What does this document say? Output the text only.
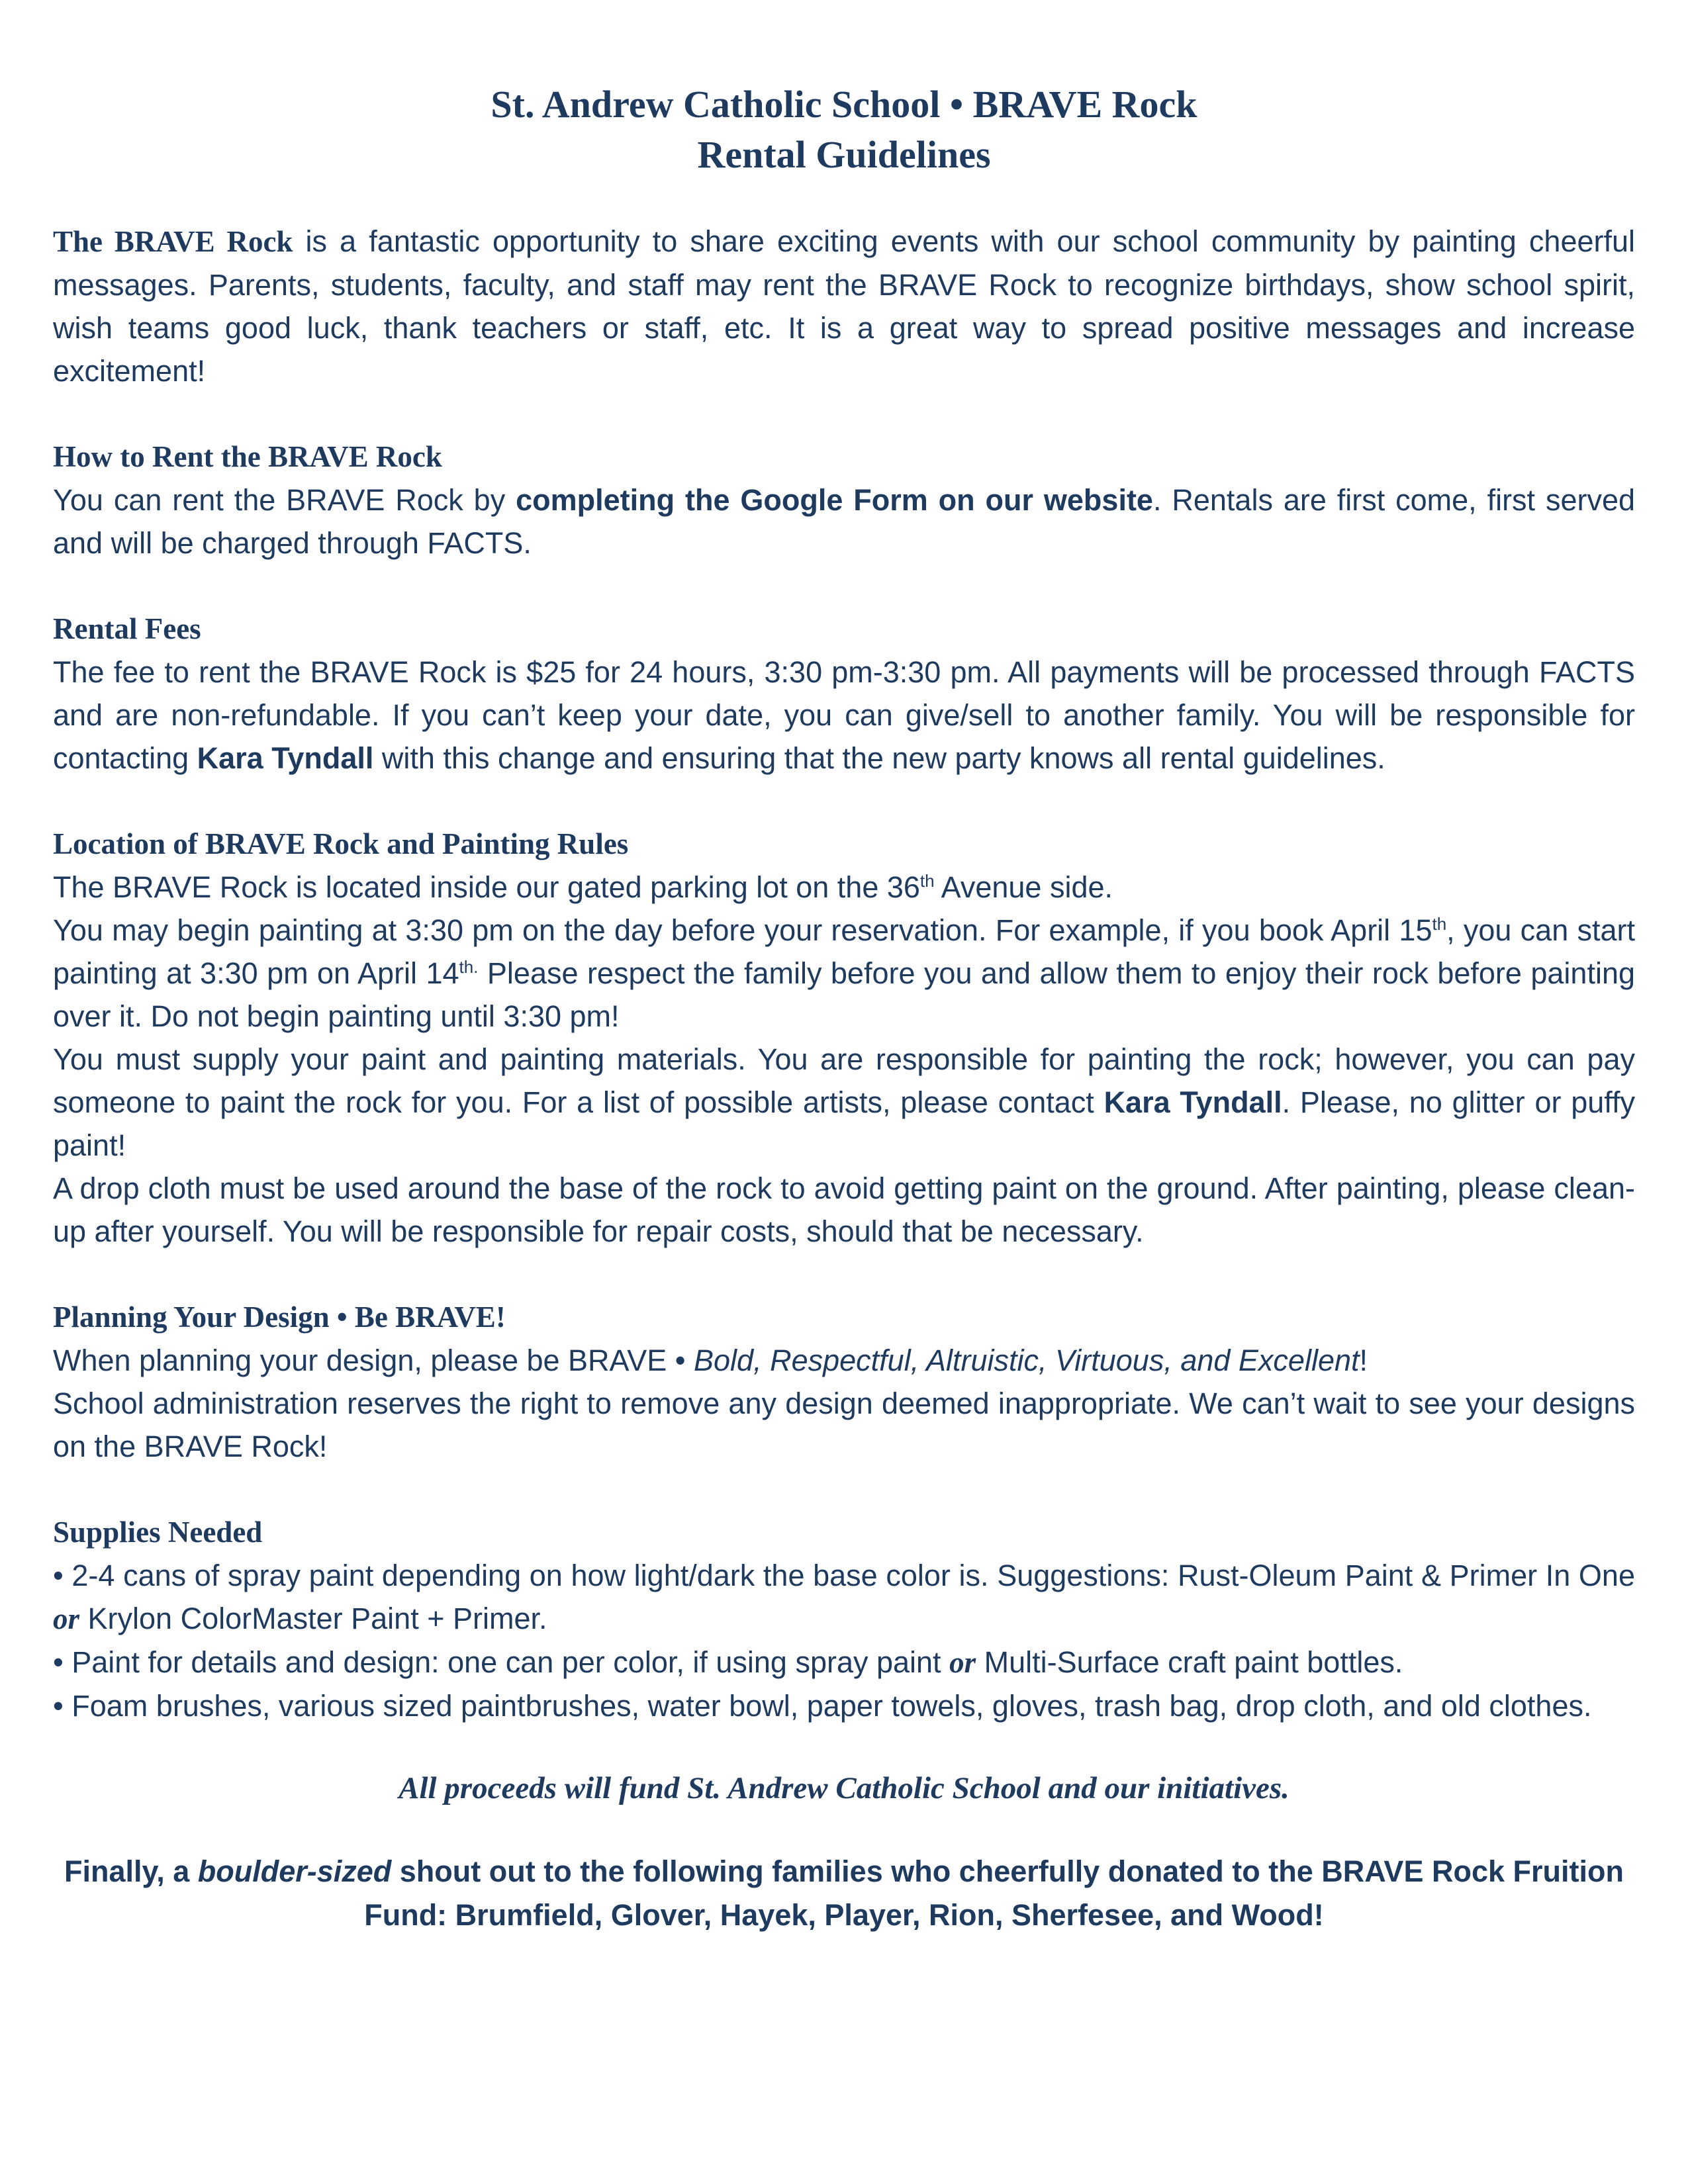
St. Andrew Catholic School • BRAVE Rock
Rental Guidelines

The BRAVE Rock is a fantastic opportunity to share exciting events with our school community by painting cheerful messages. Parents, students, faculty, and staff may rent the BRAVE Rock to recognize birthdays, show school spirit, wish teams good luck, thank teachers or staff, etc. It is a great way to spread positive messages and increase excitement!

How to Rent the BRAVE Rock

You can rent the BRAVE Rock by completing the Google Form on our website. Rentals are first come, first served and will be charged through FACTS.

Rental Fees

The fee to rent the BRAVE Rock is $25 for 24 hours, 3:30 pm-3:30 pm. All payments will be processed through FACTS and are non-refundable. If you can’t keep your date, you can give/sell to another family. You will be responsible for contacting Kara Tyndall with this change and ensuring that the new party knows all rental guidelines.

Location of BRAVE Rock and Painting Rules

The BRAVE Rock is located inside our gated parking lot on the 36th Avenue side.

You may begin painting at 3:30 pm on the day before your reservation. For example, if you book April 15th, you can start painting at 3:30 pm on April $14^{th.}$ Please respect the family before you and allow them to enjoy their rock before painting over it. Do not begin painting until 3:30 pm!

You must supply your paint and painting materials. You are responsible for painting the rock; however, you can pay someone to paint the rock for you. For a list of possible artists, please contact Kara Tyndall. Please, no glitter or puffy paint!

A drop cloth must be used around the base of the rock to avoid getting paint on the ground. After painting, please clean-up after yourself. You will be responsible for repair costs, should that be necessary.

Planning Your Design • Be BRAVE!

When planning your design, please be BRAVE • Bold, Respectful, Altruistic, Virtuous, and Excellent!

School administration reserves the right to remove any design deemed inappropriate. We can’t wait to see your designs on the BRAVE Rock!

Supplies Needed

• 2-4 cans of spray paint depending on how light/dark the base color is. Suggestions: Rust-Oleum Paint & Primer In One or Krylon ColorMaster Paint + Primer.

• Paint for details and design: one can per color, if using spray paint or Multi-Surface craft paint bottles.

• Foam brushes, various sized paintbrushes, water bowl, paper towels, gloves, trash bag, drop cloth, and old clothes.

All proceeds will fund St. Andrew Catholic School and our initiatives.
Finally, a boulder-sized shout out to the following families who cheerfully donated to the BRAVE Rock Fruition Fund: Brumfield, Glover, Hayek, Player, Rion, Sherfesee, and Wood!
